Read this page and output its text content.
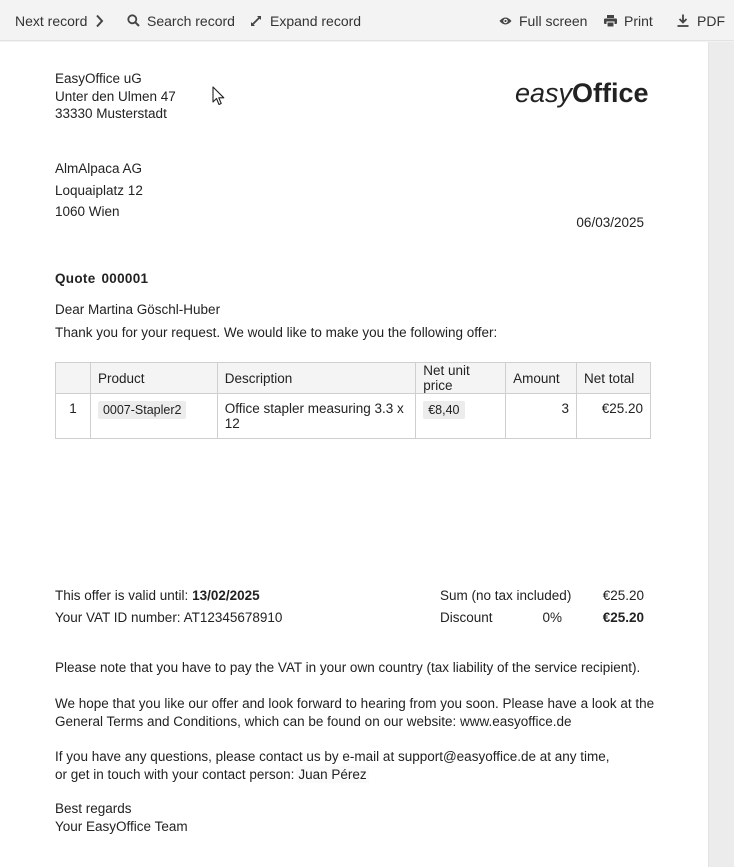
Next record	Search record	Expand record	Full screen	Print	PDF
EasyOffice uG
Unter den Ulmen 47
33330 Musterstadt
easyOffice
AlmAlpaca AG
Loquaiplatz 12
1060 Wien
06/03/2025
Quote 000001
Dear Martina Göschl-Huber
Thank you for your request. We would like to make you the following offer:
	Product	Description	Net unit price	Amount	Net total
1	0007-Stapler2	Office stapler measuring 3.3 x 12	€8,40	3	€25.20
This offer is valid until: 13/02/2025
Your VAT ID number: AT12345678910
Sum (no tax included) €25.20
Discount	0%	€25.20
Please note that you have to pay the VAT in your own country (tax liability of the service recipient).
We hope that you like our offer and look forward to hearing from you soon. Please have a look at the
General Terms and Conditions, which can be found on our website: www.easyoffice.de
If you have any questions, please contact us by e-mail at support@easyoffice.de at any time,
or get in touch with your contact person: Juan Pérez
Best regards
Your EasyOffice Team
